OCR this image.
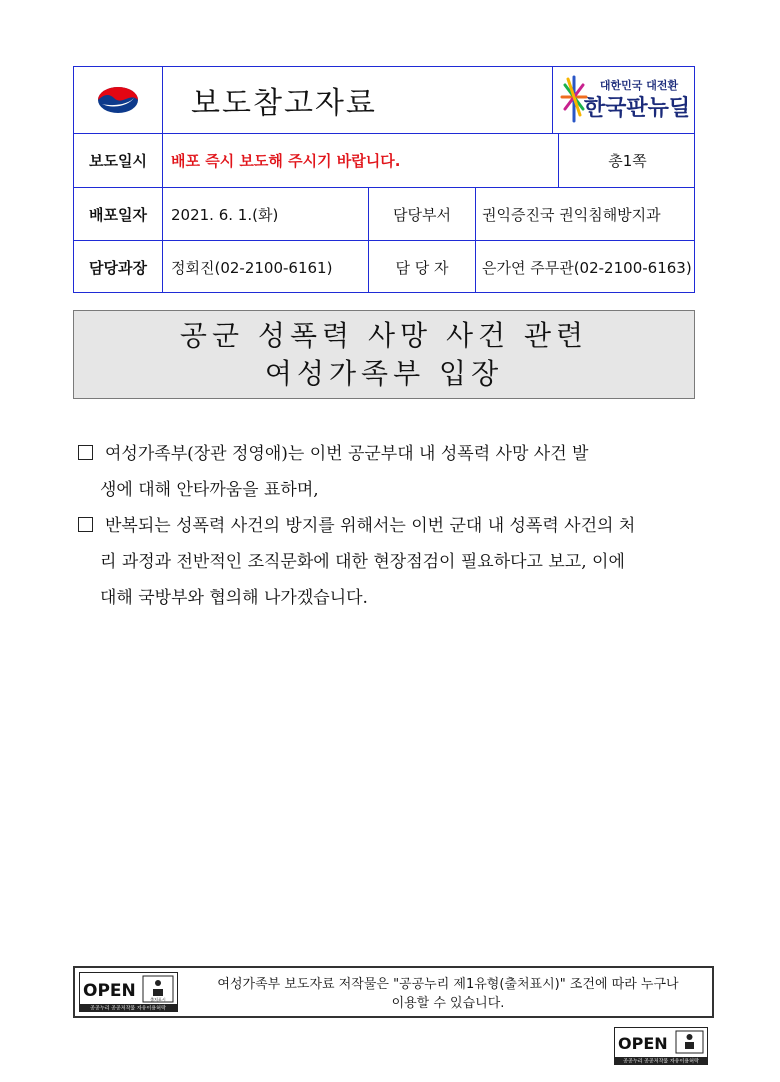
보도참고자료
대한민국 대전환
한국판뉴딜
보도일시	배포 즉시 보도해 주시기 바랍니다.	총1쪽
배포일자	2021. 6. 1.(화)	담당부서	권익증진국 권익침해방지과
담당과장	정회진(02-2100-6161)	담 당 자	은가연 주무관(02-2100-6163)
공군 성폭력 사망 사건 관련
여성가족부 입장
여성가족부(장관 정영애)는 이번 공군부대 내 성폭력 사망 사건 발
생에 대해 안타까움을 표하며,
반복되는 성폭력 사건의 방지를 위해서는 이번 군대 내 성폭력 사건의 처
리 과정과 전반적인 조직문화에 대한 현장점검이 필요하다고 보고, 이에
대해 국방부와 협의해 나가겠습니다.
OPEN	출처표시
공공누리 공공저작물 자유이용허락
여성가족부 보도자료 저작물은 "공공누리 제1유형(출처표시)" 조건에 따라 누구나
이용할 수 있습니다.
OPEN
공공누리 공공저작물 자유이용허락
